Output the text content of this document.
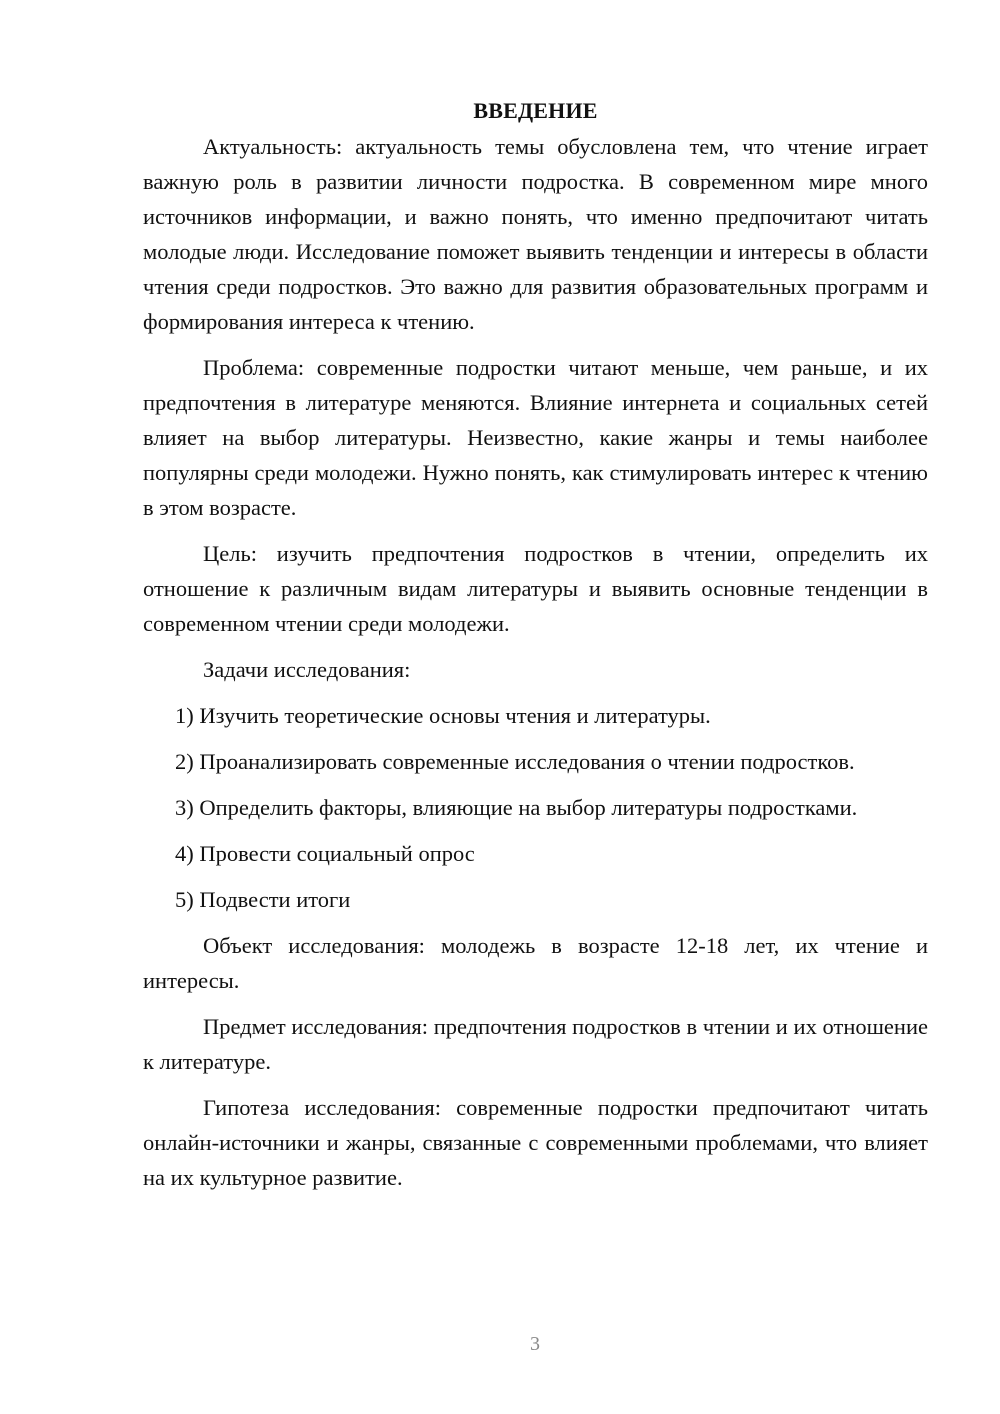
ВВЕДЕНИЕ

Актуальность: актуальность темы обусловлена тем, что чтение играет важную роль в развитии личности подростка. В современном мире много источников информации, и важно понять, что именно предпочитают читать молодые люди. Исследование поможет выявить тенденции и интересы в области чтения среди подростков. Это важно для развития образовательных программ и формирования интереса к чтению.

Проблема: современные подростки читают меньше, чем раньше, и их предпочтения в литературе меняются. Влияние интернета и социальных сетей влияет на выбор литературы. Неизвестно, какие жанры и темы наиболее популярны среди молодежи. Нужно понять, как стимулировать интерес к чтению в этом возрасте.

Цель: изучить предпочтения подростков в чтении, определить их отношение к различным видам литературы и выявить основные тенденции в современном чтении среди молодежи.

Задачи исследования:

1) Изучить теоретические основы чтения и литературы.

2) Проанализировать современные исследования о чтении подростков.

3) Определить факторы, влияющие на выбор литературы подростками.

4) Провести социальный опрос

5) Подвести итоги

Объект исследования: молодежь в возрасте 12-18 лет, их чтение и интересы.

Предмет исследования: предпочтения подростков в чтении и их отношение к литературе.

Гипотеза исследования: современные подростки предпочитают читать онлайн-источники и жанры, связанные с современными проблемами, что влияет на их культурное развитие.

3
